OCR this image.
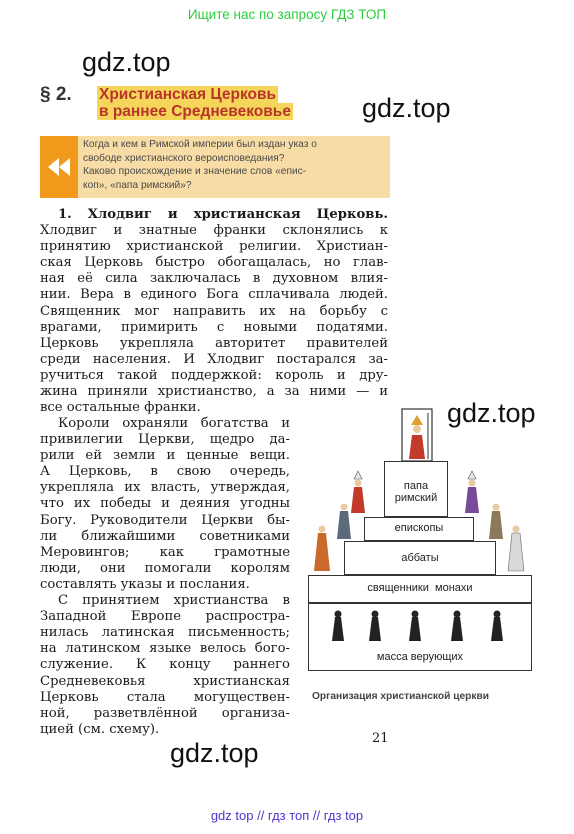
Ищите нас по запросу ГДЗ ТОП
gdz.top
gdz.top
gdz.top
gdz.top
§ 2. Христианская Церковь
в раннее Средневековье
Когда и кем в Римской империи был издан указ о
свободе христианского вероисповедания?
Каково происхождение и значение слов «епис-
коп», «папа римский»?
1. Хлодвиг и христианская Церковь.
Хлодвиг и знатные франки склонялись к
принятию христианской религии. Христиан-
ская Церковь быстро обогащалась, но глав-
ная её сила заключалась в духовном влия-
нии. Вера в единого Бога сплачивала людей.
Священник мог направить их на борьбу с
врагами, примирить с новыми податями.
Церковь укрепляла авторитет правителей
среди населения. И Хлодвиг постарался за-
ручиться такой поддержкой: король и дру-
жина приняли христианство, а за ними — и
все остальные франки.
Короли охраняли богатства и
привилегии Церкви, щедро да-
рили ей земли и ценные вещи.
А Церковь, в свою очередь,
укрепляла их власть, утверждая,
что их победы и деяния угодны
Богу. Руководители Церкви бы-
ли ближайшими советниками
Меровингов; как грамотные
люди, они помогали королям
составлять указы и послания.
С принятием христианства в
Западной Европе распростра-
нилась латинская письменность;
на латинском языке велось бого-
служение. К концу раннего
Средневековья христианская
Церковь стала могуществен-
ной, разветвлённой организа-
цией (см. схему).
папа римский
епископы
аббаты
священники монахи
масса верующих
Организация христианской церкви
21
gdz top // гдз топ // гдз top
